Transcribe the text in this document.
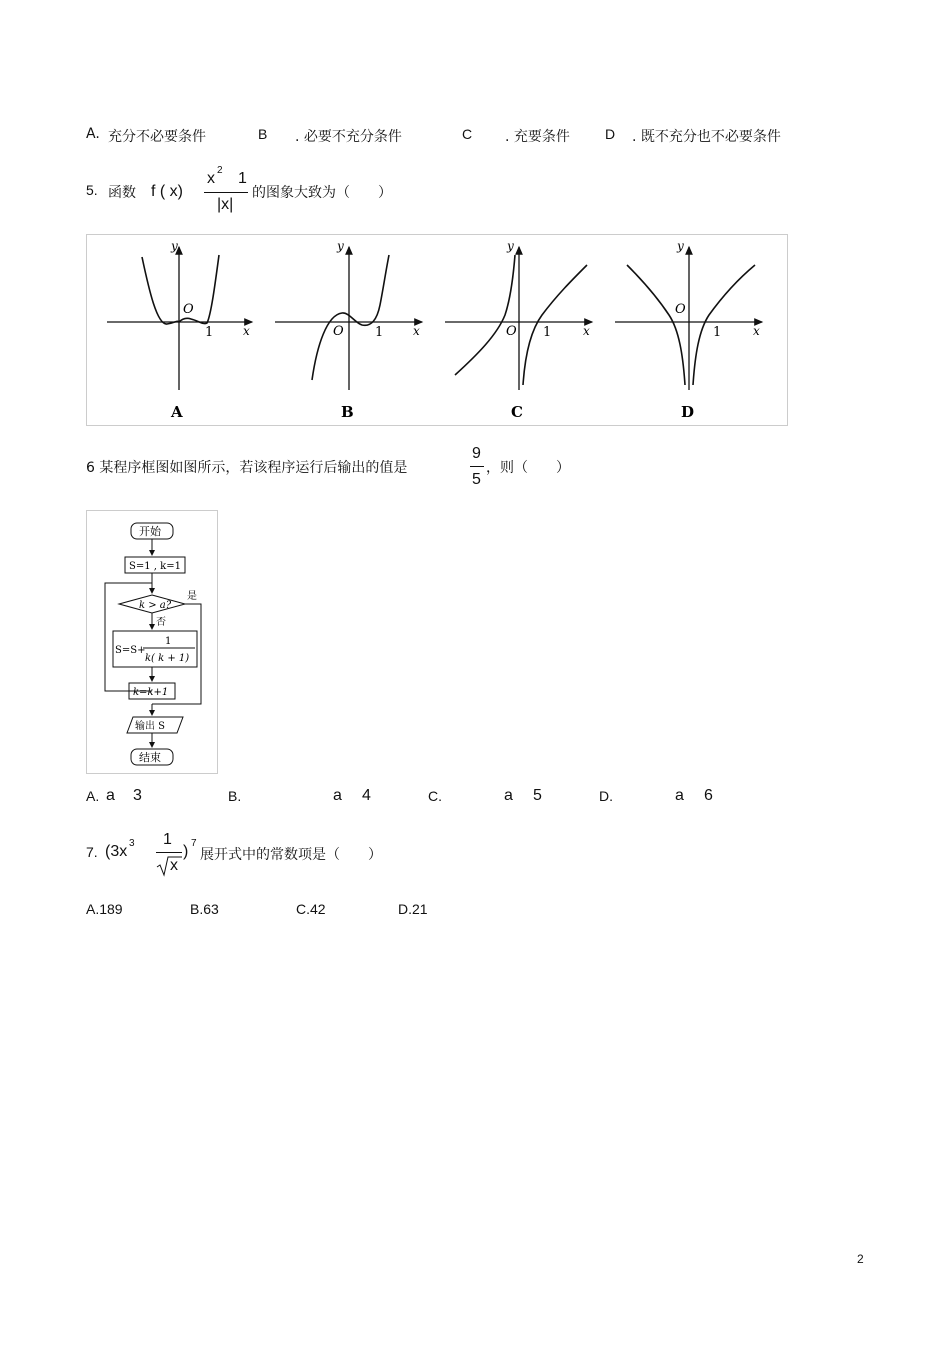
A. 充分不必要条件	B . 必要不充分条件	C . 充要条件	D . 既不充分也不必要条件
5. 函数 f ( x)
x 2 1
|x|
的图象大致为（　　）
y
x
O
1
A
y
x
O 1
B
y
x
O 1
C
y
x
O
1
D
6 某程序框图如图所示，若该程序运行后输出的值是
9
5
，则（　　）
开始
S=1 , k=1
k > a?
是
否
S=S+
1
k( k + 1)
k=k+1
输出 S
结束
A. a 3	B.	a 4	C.	a 5	D.	a 6
7. (3x 3 1
x
) 7
展开式中的常数项是（　　）
A.189	B.63	C.42	D.21
2
